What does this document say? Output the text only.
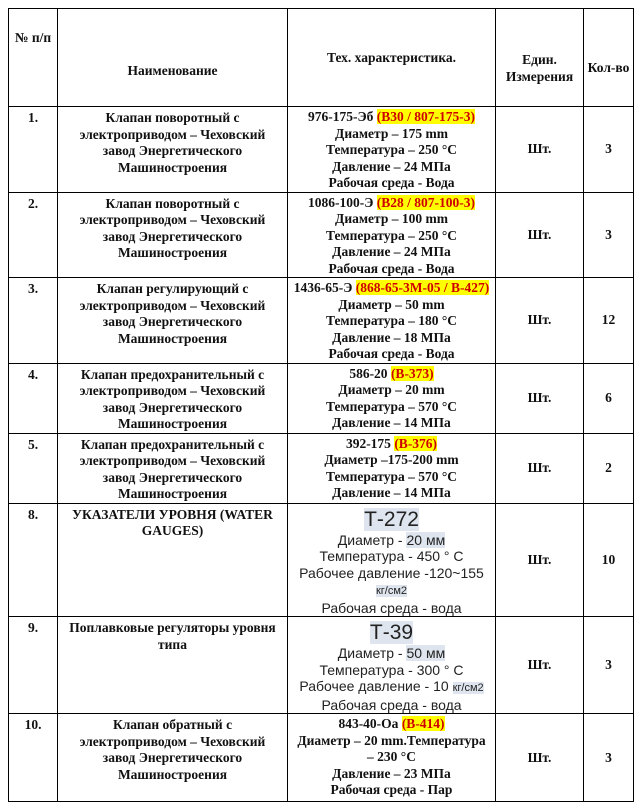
№ п/п	Наименование	Тех. характеристика.	Един. Измерения	Кол-во
1.	Клапан поворотный с электроприводом – Чеховский завод Энергетического Машиностроения	976-175-Эб (В30 / 807-175-3)
Диаметр – 175 mm
Температура – 250 °С
Давление – 24 МПа
Рабочая среда - Вода	Шт.	3
2.	Клапан поворотный с электроприводом – Чеховский завод Энергетического Машиностроения	1086-100-Э (В28 / 807-100-3)
Диаметр – 100 mm
Температура – 250 °С
Давление – 24 МПа
Рабочая среда - Вода	Шт.	3
3.	Клапан регулирующий с электроприводом – Чеховский завод Энергетического Машиностроения	1436-65-Э (868-65-3М-05 / В-427)
Диаметр – 50 mm
Температура – 180 °С
Давление – 18 МПа
Рабочая среда - Вода	Шт.	12
4.	Клапан предохранительный с электроприводом – Чеховский завод Энергетического Машиностроения	586-20 (В-373)
Диаметр – 20 mm
Температура – 570 °С
Давление – 14 МПа	Шт.	6
5.	Клапан предохранительный с электроприводом – Чеховский завод Энергетического Машиностроения	392-175 (В-376)
Диаметр –175-200 mm
Температура – 570 °С
Давление – 14 МПа	Шт.	2
8.	УКАЗАТЕЛИ УРОВНЯ (WATER GAUGES)	Т-272
Диаметр - 20 мм
Температура - 450 ° С
Рабочее давление -120~155 кг/см2
Рабочая среда - вода	Шт.	10
9.	Поплавковые регуляторы уровня типа	Т-39
Диаметр - 50 мм
Температура - 300 ° С
Рабочее давление - 10 кг/см2
Рабочая среда - вода	Шт.	3
10.	Клапан обратный с электроприводом – Чеховский завод Энергетического Машиностроения	843-40-Оа (В-414)
Диаметр – 20 mm.Температура – 230 °С
Давление – 23 МПа
Рабочая среда - Пар	Шт.	3
